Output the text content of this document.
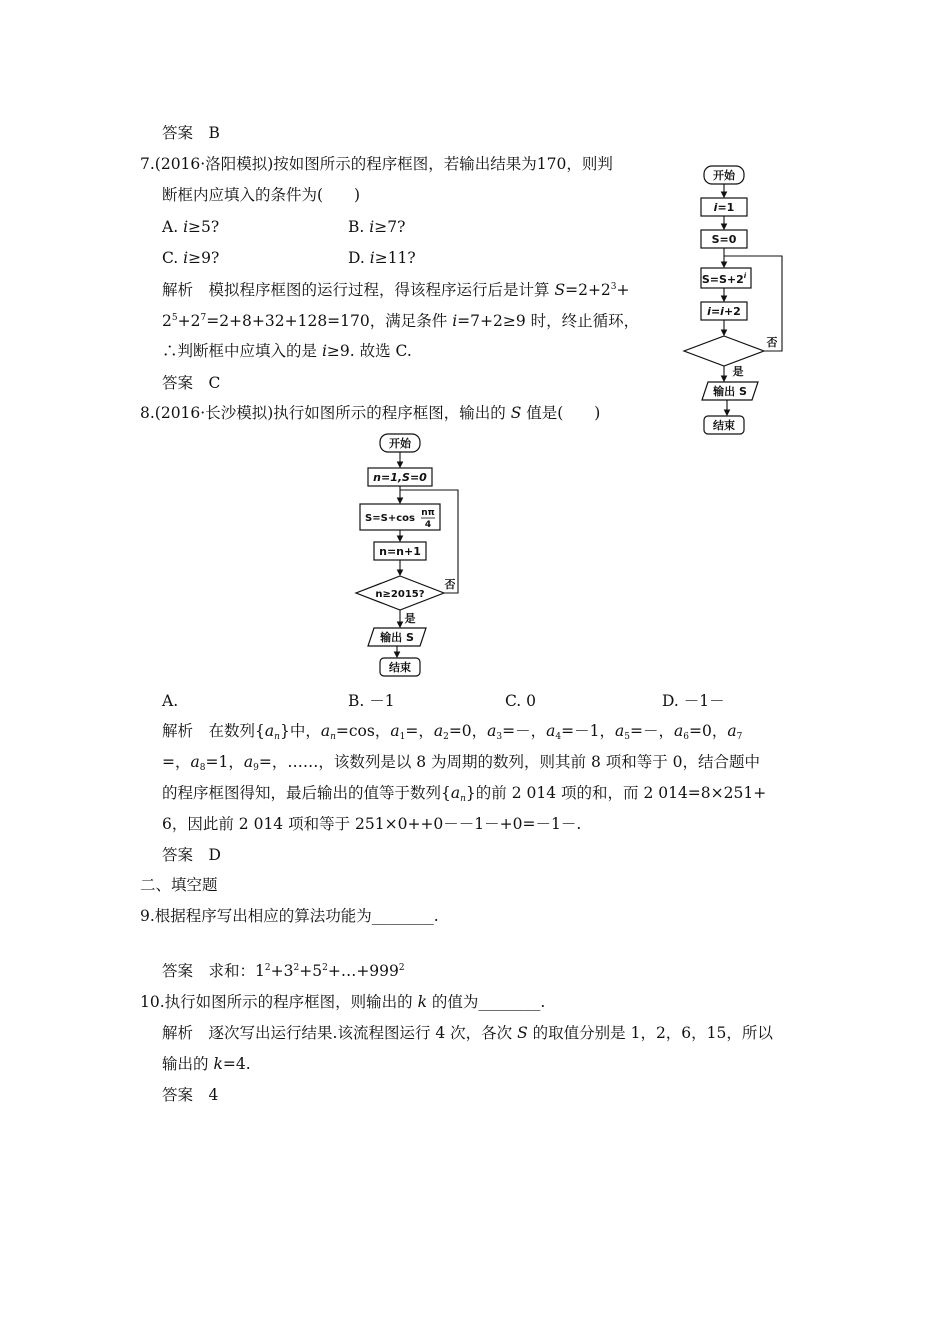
答案　 B
7.(2016·洛阳模拟)按如图所示的程序框图，若输出结果为170，则判
断框内应填入的条件为(　　)
A. i≥5?	B. i≥7?
C. i≥9?	D. i≥11?
解析　 模拟程序框图的运行过程，得该程序运行后是计算 $S=2+2^3+$
$2^5+2^7=2+8+32+128=170$，满足条件 i=7+2≥9 时，终止循环，
∴判断框中应填入的是 i≥9. 故选 C.
答案　 C
开始
i=1
S=0
$S=S+2^i$
i=i+2
否
是
输出 S
结束
8.(2016·长沙模拟)执行如图所示的程序框图，输出的 S 值是(　　)
开始
n=1,S=0
S=S+cos nπ
4
n=n+1
n≥2015?
否
是
输出 S
结束
A.	B. －1	C. 0	D. －1－
解析　 在数列$\{a_n\}$中，$a_n=\cos$，$a_1=$，$a_2=0$，$a_3=-$，$a_4=-1$，$a_5=-$，$a_6=0$，$a_7$
=，$a_8=1$，$a_9=$，……，该数列是以 8 为周期的数列，则其前 8 项和等于 0，结合题中
的程序框图得知，最后输出的值等于数列$\{a_n\}$的前 2 014 项的和，而 2 014=8×251+
6，因此前 2 014 项和等于 251×0++0－－1－+0=－1－.
答案　 D
二、填空题
9.根据程序写出相应的算法功能为________.
答案　 求和：$1^2+3^2+5^2+\dots+999^2$
10.执行如图所示的程序框图，则输出的 k 的值为________.
解析　 逐次写出运行结果.该流程图运行 4 次，各次 S 的取值分别是 1，2，6，15，所以
输出的 k=4.
答案　 4
